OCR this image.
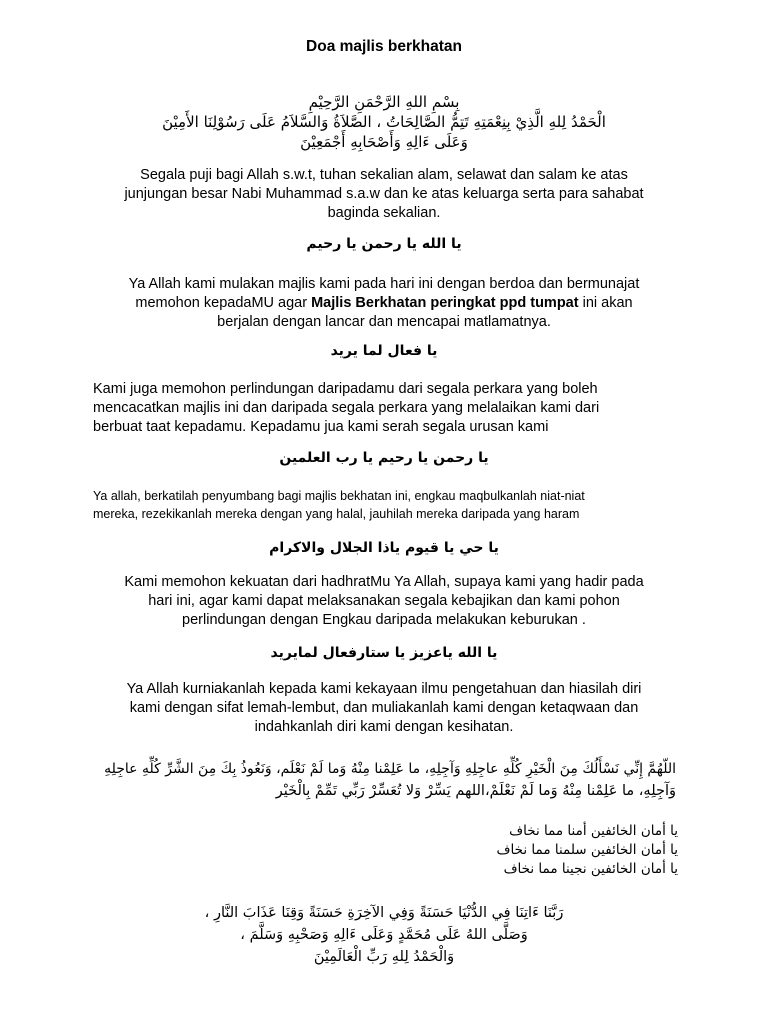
Doa majlis berkhatan
بِسْمِ اللهِ الرَّحْمَنِ الرَّحِيْمِ
الْحَمْدُ لِلهِ الَّذِيْ بِنِعْمَتِهِ تَتِمُّ الصَّالِحَاتُ ، الصَّلاَةُ وَالسَّلاَمُ عَلَى رَسُوْلِنَا الأَمِيْنَ
وَعَلَى ءَالِهِ وَأَصْحَابِهِ أَجْمَعِيْنَ
Segala puji bagi Allah s.w.t, tuhan sekalian alam, selawat dan salam ke atas
junjungan besar Nabi Muhammad s.a.w dan ke atas keluarga serta para sahabat
baginda sekalian.
يا الله يا رحمن يا رحيم
Ya Allah kami mulakan majlis kami pada hari ini dengan berdoa dan bermunajat
memohon kepadaMU agar Majlis Berkhatan peringkat ppd tumpat ini akan
berjalan dengan lancar dan mencapai matlamatnya.
يا فعال لما يريد
Kami juga memohon perlindungan daripadamu dari segala perkara yang boleh
mencacatkan majlis ini dan daripada segala perkara yang melalaikan kami dari
berbuat taat kepadamu. Kepadamu jua kami serah segala urusan kami
يا رحمن يا رحيم يا رب العلمين
Ya allah, berkatilah penyumbang bagi majlis bekhatan ini, engkau maqbulkanlah niat-niat
mereka, rezekikanlah mereka dengan yang halal, jauhilah mereka daripada yang haram
يا حي يا قيوم ياذا الجلال والاكرام
Kami memohon kekuatan dari hadhratMu Ya Allah, supaya kami yang hadir pada
hari ini, agar kami dapat melaksanakan segala kebajikan dan kami pohon
perlindungan dengan Engkau daripada melakukan keburukan .
يا الله ياعزيز يا ستارفعال لمايريد
Ya Allah kurniakanlah kepada kami kekayaan ilmu pengetahuan dan hiasilah diri
kami dengan sifat lemah-lembut, dan muliakanlah kami dengan ketaqwaan dan
indahkanlah diri kami dengan kesihatan.
اللّهُمَّ إِنِّي نَسْأَلُكَ مِنَ الْخَيْرِ كُلِّهِ عاجِلِهِ وَآجِلِهِ، ما عَلِمْنا مِنْهُ وَما لَمْ نَعْلَم، وَنَعُوذُ بِكَ مِنَ الشَّرِّ كُلِّهِ عاجِلِهِ
وَآجِلِهِ، ما عَلِمْنا مِنْهُ وَما لَمْ نَعْلَمْ،اللهم يَسِّرْ وَلا تُعَسِّرْ رَبِّي تَمِّمْ بِالْخَيْر
يا أمان الخائفين أمنا مما نخاف
يا أمان الخائفين سلمنا مما نخاف
يا أمان الخائفين نجينا مما نخاف
رَبَّنَا ءَاتِنَا فِي الدُّنْيَا حَسَنَةً وَفِي الآخِرَةِ حَسَنَةً وَقِنَا عَذَابَ النَّارِ ،
وَصَلَّى اللهُ عَلَى مُحَمَّدٍ وَعَلَى ءَالِهِ وَصَحْبِهِ وَسَلَّمَ ،
وَالْحَمْدُ لِلهِ رَبِّ الْعَالَمِيْنَ
